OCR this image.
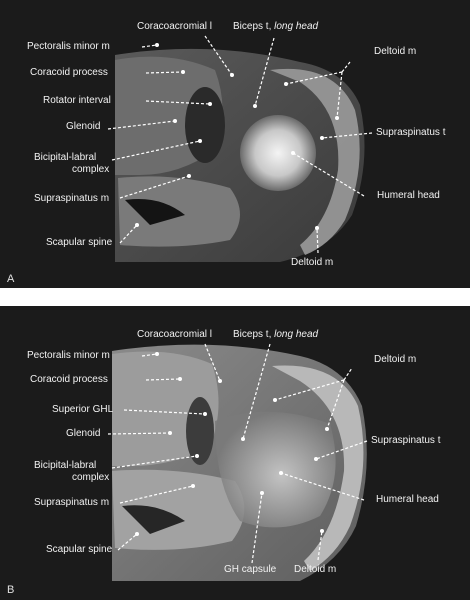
Pectoralis minor m
Coracoid process
Rotator interval
Glenoid
Bicipital-labral
complex
Supraspinatus m
Scapular spine
Coracoacromial l Biceps t, long head
Deltoid m
Supraspinatus t
Humeral head
Deltoid m
A
Pectoralis minor m
Coracoid process
Superior GHL
Glenoid
Bicipital-labral
complex
Supraspinatus m
Scapular spine
Coracoacromial l Biceps t, long head
Deltoid m
Supraspinatus t
Humeral head
GH capsule Deltoid m
B
